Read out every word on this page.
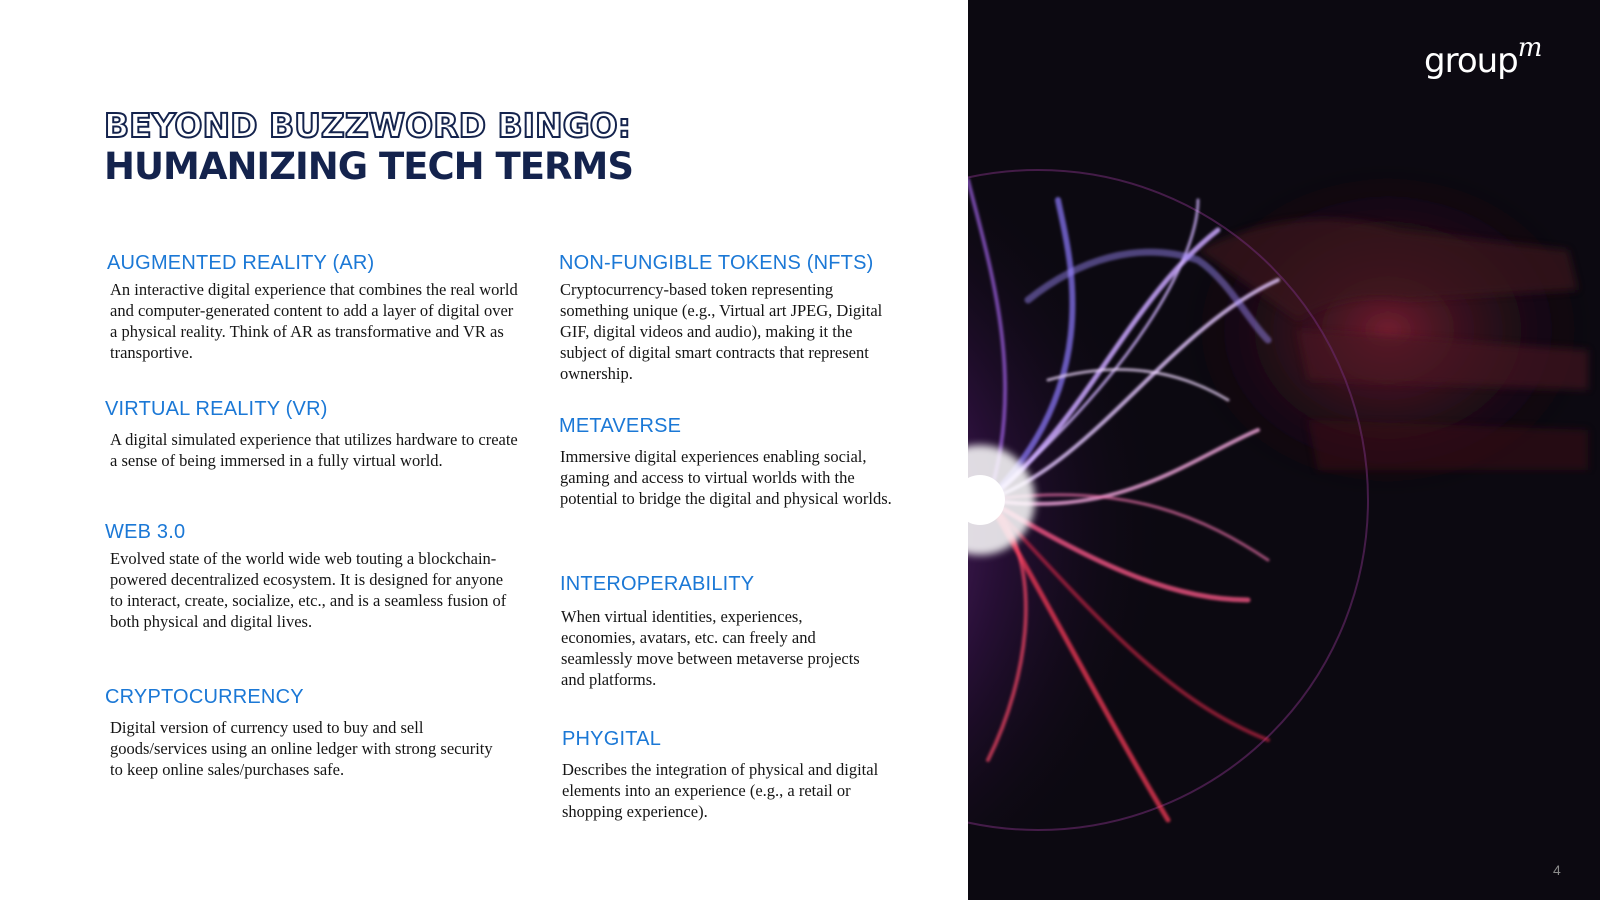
BEYOND BUZZWORD BINGO:
HUMANIZING TECH TERMS
AUGMENTED REALITY (AR)

An interactive digital experience that combines the real world and computer-generated content to add a layer of digital over a physical reality. Think of AR as transformative and VR as transportive.

VIRTUAL REALITY (VR)

A digital simulated experience that utilizes hardware to create a sense of being immersed in a fully virtual world.

WEB 3.0

Evolved state of the world wide web touting a blockchain-powered decentralized ecosystem. It is designed for anyone to interact, create, socialize, etc., and is a seamless fusion of both physical and digital lives.

CRYPTOCURRENCY

Digital version of currency used to buy and sell goods/services using an online ledger with strong security to keep online sales/purchases safe.

NON-FUNGIBLE TOKENS (NFTS)

Cryptocurrency-based token representing something unique (e.g., Virtual art JPEG, Digital GIF, digital videos and audio), making it the subject of digital smart contracts that represent ownership.

METAVERSE

Immersive digital experiences enabling social, gaming and access to virtual worlds with the potential to bridge the digital and physical worlds.

INTEROPERABILITY

When virtual identities, experiences, economies, avatars, etc. can freely and seamlessly move between metaverse projects and platforms.

PHYGITAL

Describes the integration of physical and digital elements into an experience (e.g., a retail or shopping experience).

group$^m$
4
